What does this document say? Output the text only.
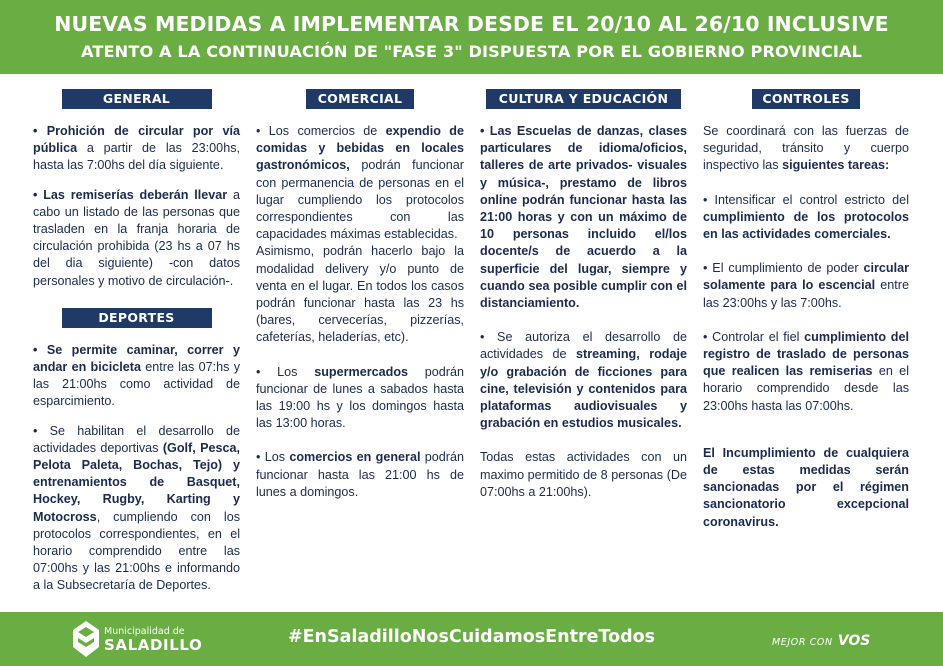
NUEVAS MEDIDAS A IMPLEMENTAR DESDE EL 20/10 AL 26/10 INCLUSIVE
ATENTO A LA CONTINUACIÓN DE "FASE 3" DISPUESTA POR EL GOBIERNO PROVINCIAL
GENERAL

• Prohición de circular por vía pública a partir de las 23:00hs, hasta las 7:00hs del día siguiente.

• Las remiserías deberán llevar a cabo un listado de las personas que trasladen en la franja horaria de circulación prohibida (23 hs a 07 hs del dia siguiente) -con datos personales y motivo de circulación-.

DEPORTES

• Se permite caminar, correr y andar en bicicleta entre las 07:hs y las 21:00hs como actividad de esparcimiento.

• Se habilitan el desarrollo de actividades deportivas (Golf, Pesca, Pelota Paleta, Bochas, Tejo) y entrenamientos de Basquet, Hockey, Rugby, Karting y Motocross, cumpliendo con los protocolos correspondientes, en el horario comprendido entre las 07:00hs y las 21:00hs e informando a la Subsecretaría de Deportes.

COMERCIAL

• Los comercios de expendio de comidas y bebidas en locales gastronómicos, podrán funcionar con permanencia de personas en el lugar cumpliendo los protocolos correspondientes con las capacidades máximas establecidas.
Asimismo, podrán hacerlo bajo la modalidad delivery y/o punto de venta en el lugar. En todos los casos podrán funcionar hasta las 23 hs (bares, cervecerías, pizzerías, cafeterías, heladerías, etc).

• Los supermercados podrán funcionar de lunes a sabados hasta las 19:00 hs y los domingos hasta las 13:00 horas.

• Los comercios en general podrán funcionar hasta las 21:00 hs de lunes a domingos.

CULTURA Y EDUCACIÓN

• Las Escuelas de danzas, clases particulares de idioma/oficios, talleres de arte privados- visuales y música-, prestamo de libros online podrán funcionar hasta las 21:00 horas y con un máximo de 10 personas incluido el/los docente/s de acuerdo a la superficie del lugar, siempre y cuando sea posible cumplir con el distanciamiento.

• Se autoriza el desarrollo de actividades de streaming, rodaje y/o grabación de ficciones para cine, televisión y contenidos para plataformas audiovisuales y grabación en estudios musicales.

Todas estas actividades con un maximo permitido de 8 personas (De 07:00hs a 21:00hs).

CONTROLES

Se coordinará con las fuerzas de seguridad, tránsito y cuerpo inspectivo las siguientes tareas:

• Intensificar el control estricto del cumplimiento de los protocolos en las actividades comerciales.

• El cumplimiento de poder circular solamente para lo escencial entre las 23:00hs y las 7:00hs.

• Controlar el fiel cumplimiento del registro de traslado de personas que realicen las remiserias en el horario comprendido desde las 23:00hs hasta las 07:00hs.

El Incumplimiento de cualquiera de estas medidas serán sancionadas por el régimen sancionatorio excepcional coronavirus.

Municipalidad de
SALADILLO	#EnSaladilloNosCuidamosEntreTodos	MEJOR CON VOS
